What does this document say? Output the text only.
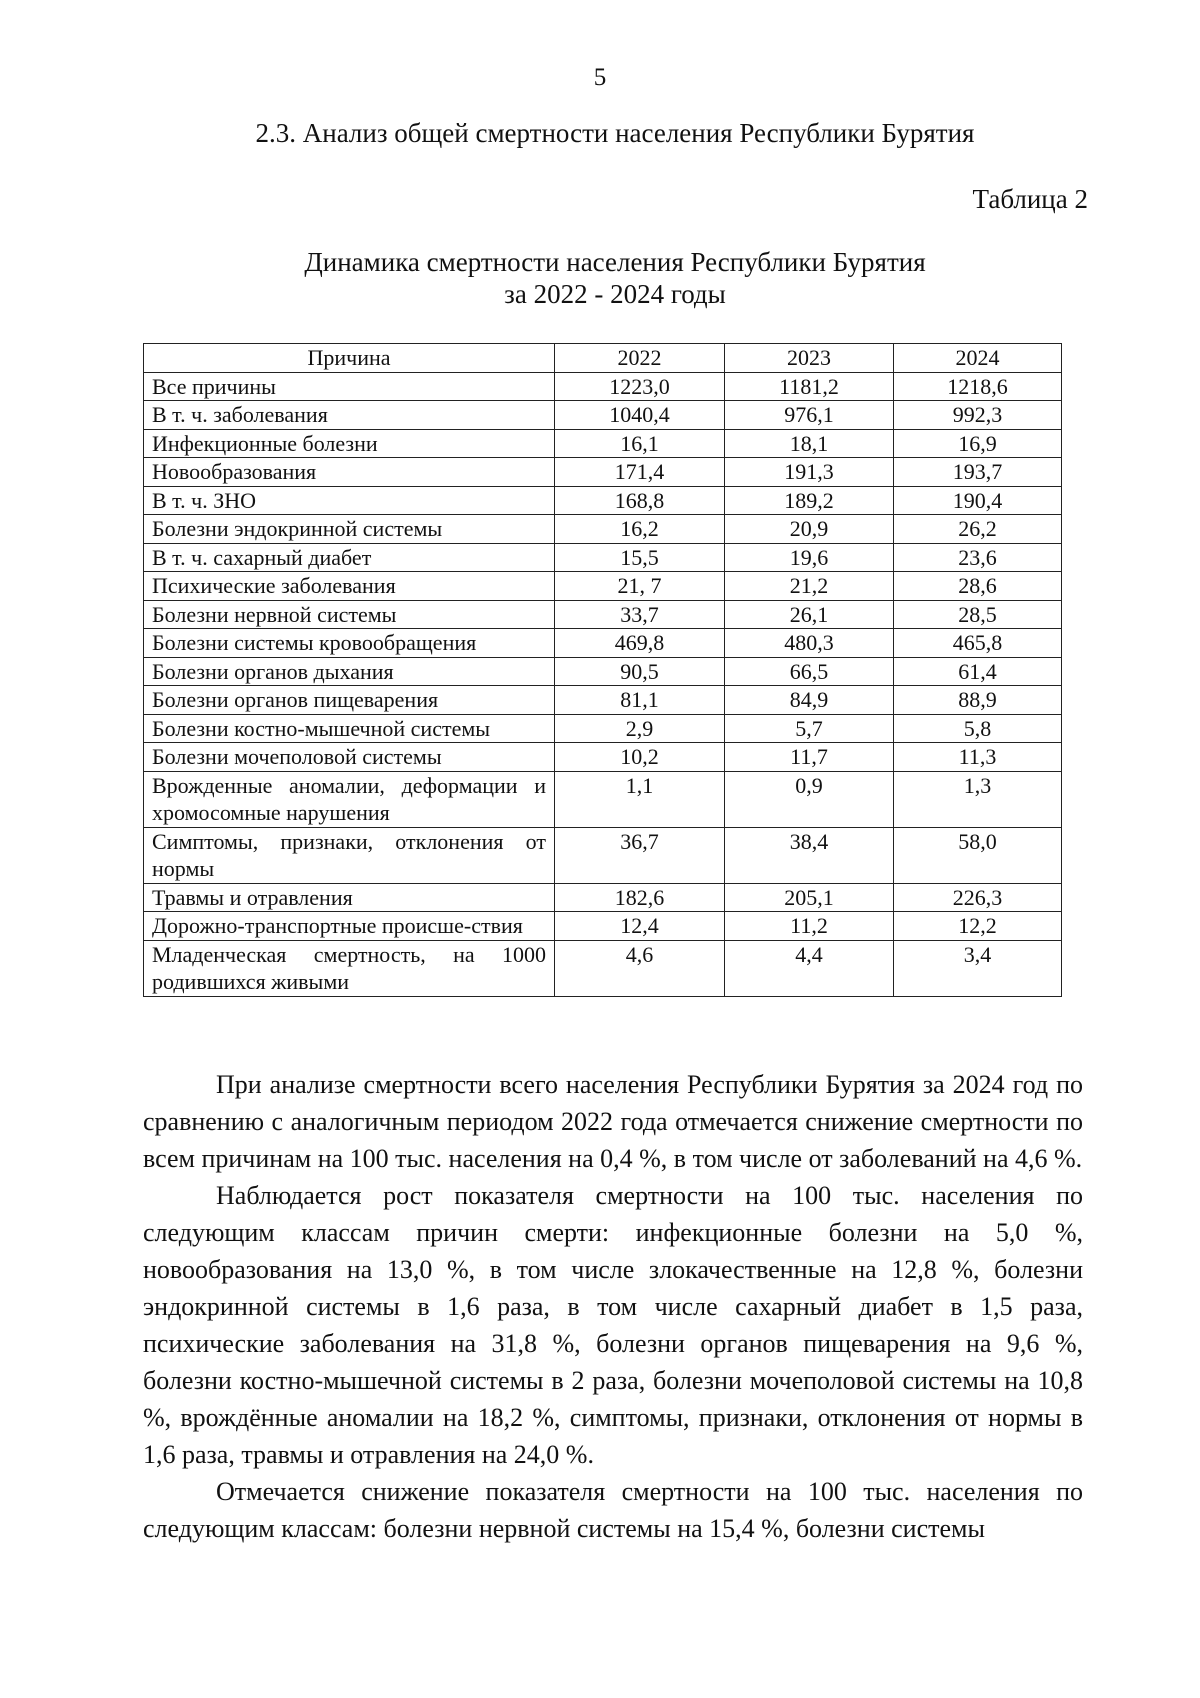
5
2.3. Анализ общей смертности населения Республики Бурятия
Таблица 2
Динамика смертности населения Республики Бурятия
за 2022 - 2024 годы
Причина	2022	2023	2024
Все причины	1223,0	1181,2	1218,6
В т. ч. заболевания	1040,4	976,1	992,3
Инфекционные болезни	16,1	18,1	16,9
Новообразования	171,4	191,3	193,7
В т. ч. ЗНО	168,8	189,2	190,4
Болезни эндокринной системы	16,2	20,9	26,2
В т. ч. сахарный диабет	15,5	19,6	23,6
Психические заболевания	21, 7	21,2	28,6
Болезни нервной системы	33,7	26,1	28,5
Болезни системы кровообращения	469,8	480,3	465,8
Болезни органов дыхания	90,5	66,5	61,4
Болезни органов пищеварения	81,1	84,9	88,9
Болезни костно-мышечной системы	2,9	5,7	5,8
Болезни мочеполовой системы	10,2	11,7	11,3
Врожденные аномалии, деформации и хромосомные нарушения	1,1	0,9	1,3
Симптомы, признаки, отклонения от нормы	36,7	38,4	58,0
Травмы и отравления	182,6	205,1	226,3
Дорожно-транспортные происше-ствия	12,4	11,2	12,2
Младенческая смертность, на 1000 родившихся живыми	4,6	4,4	3,4

При анализе смертности всего населения Республики Бурятия за 2024 год по сравнению с аналогичным периодом 2022 года отмечается снижение смертности по всем причинам на 100 тыс. населения на 0,4 %, в том числе от заболеваний на 4,6 %.

Наблюдается рост показателя смертности на 100 тыс. населения по следующим классам причин смерти: инфекционные болезни на 5,0 %, новообразования на 13,0 %, в том числе злокачественные на 12,8 %, болезни эндокринной системы в 1,6 раза, в том числе сахарный диабет в 1,5 раза, психические заболевания на 31,8 %, болезни органов пищеварения на 9,6 %, болезни костно-мышечной системы в 2 раза, болезни мочеполовой системы на 10,8 %, врождённые аномалии на 18,2 %, симптомы, признаки, отклонения от нормы в 1,6 раза, травмы и отравления на 24,0 %.

Отмечается снижение показателя смертности на 100 тыс. населения по следующим классам: болезни нервной системы на 15,4 %, болезни системы
